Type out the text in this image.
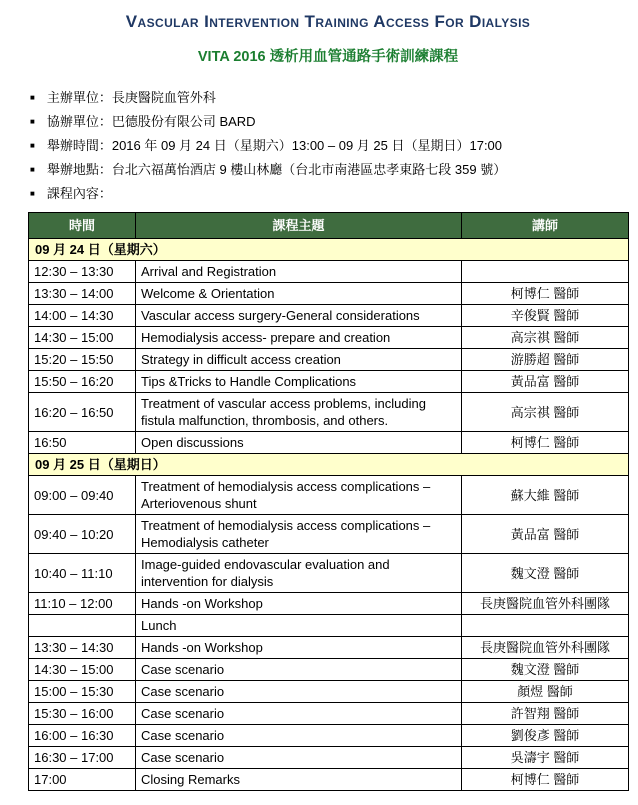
Vascular Intervention Training Access For Dialysis
VITA 2016 透析用血管通路手術訓練課程
■ 主辦單位：長庚醫院血管外科
■ 協辦單位：巴德股份有限公司 BARD
■ 舉辦時間：2016 年 09 月 24 日（星期六）13:00 – 09 月 25 日（星期日）17:00
■ 舉辦地點：台北六福萬怡酒店 9 樓山林廳（台北市南港區忠孝東路七段 359 號）
■ 課程內容：
時間	課程主題	講師
09 月 24 日（星期六）		
12:30 – 13:30	Arrival and Registration	
13:30 – 14:00	Welcome & Orientation	柯博仁 醫師
14:00 – 14:30	Vascular access surgery-General considerations	辛俊賢 醫師
14:30 – 15:00	Hemodialysis access- prepare and creation	高宗祺 醫師
15:20 – 15:50	Strategy in difficult access creation	游勝超 醫師
15:50 – 16:20	Tips &Tricks to Handle Complications	黃品富 醫師
16:20 – 16:50	Treatment of vascular access problems, including fistula malfunction, thrombosis, and others.	高宗祺 醫師
16:50	Open discussions	柯博仁 醫師
09 月 25 日（星期日）		
09:00 – 09:40	Treatment of hemodialysis access complications – Arteriovenous shunt	蘇大維 醫師
09:40 – 10:20	Treatment of hemodialysis access complications – Hemodialysis catheter	黃品富 醫師
10:40 – 11:10	Image-guided endovascular evaluation and intervention for dialysis	魏文澄 醫師
11:10 – 12:00	Hands -on Workshop	長庚醫院血管外科團隊
	Lunch	
13:30 – 14:30	Hands -on Workshop	長庚醫院血管外科團隊
14:30 – 15:00	Case scenario	魏文澄 醫師
15:00 – 15:30	Case scenario	顏煜 醫師
15:30 – 16:00	Case scenario	許智翔 醫師
16:00 – 16:30	Case scenario	劉俊彥 醫師
16:30 – 17:00	Case scenario	吳濤宇 醫師
17:00	Closing Remarks	柯博仁 醫師
